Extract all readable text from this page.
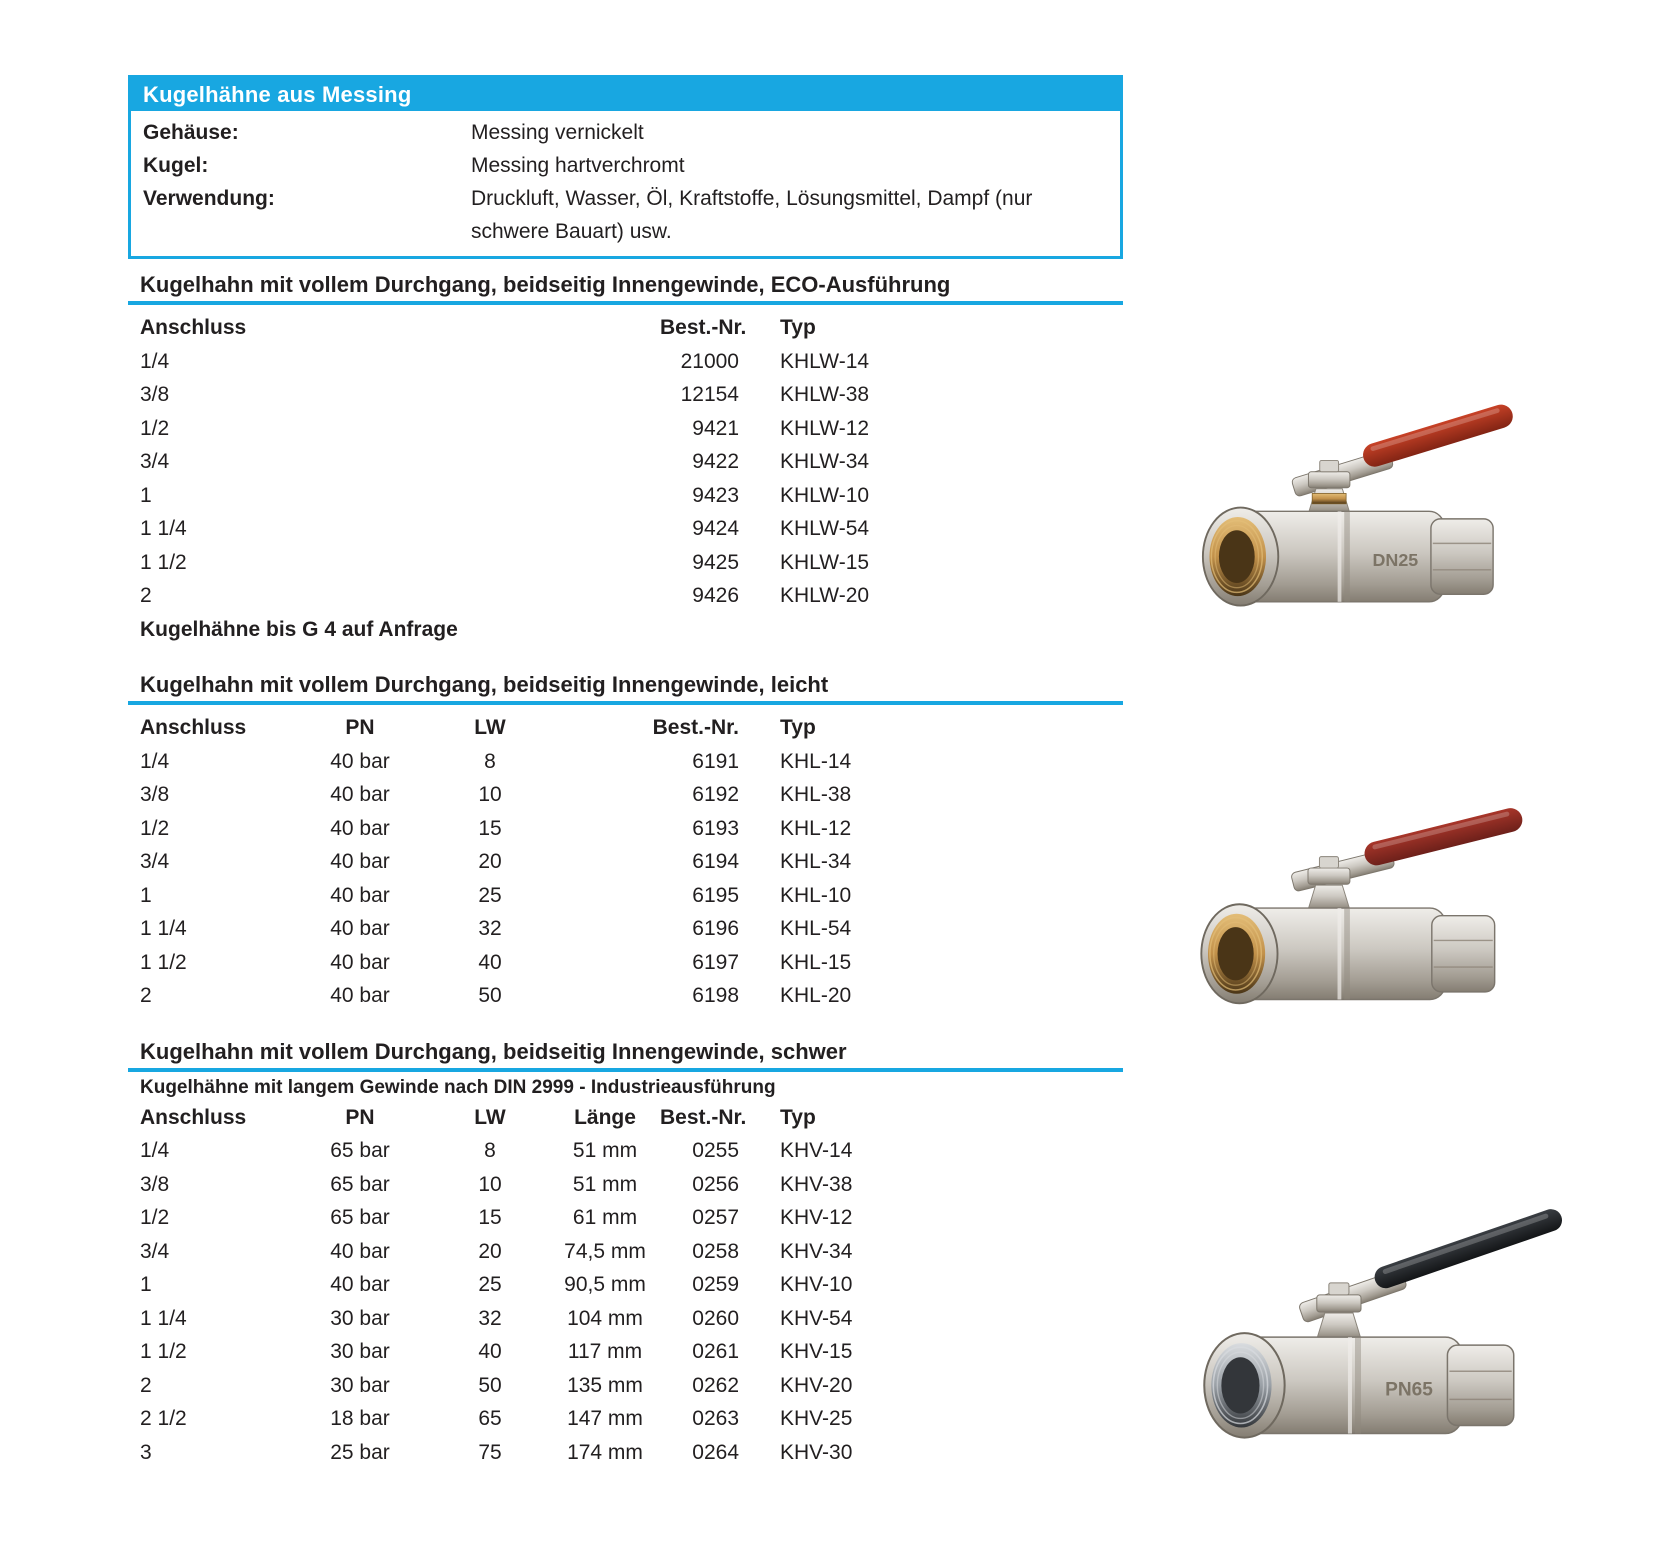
Kugelhähne aus Messing
Gehäuse:	Messing vernickelt
Kugel:	Messing hartverchromt
Verwendung:	Druckluft, Wasser, Öl, Kraftstoffe, Lösungsmittel, Dampf (nur schwere Bauart) usw.
Kugelhahn mit vollem Durchgang, beidseitig Innengewinde, ECO-Ausführung
Anschluss	Best.-Nr.	Typ
1/4	21000	KHLW-14
3/8	12154	KHLW-38
1/2	9421	KHLW-12
3/4	9422	KHLW-34
1	9423	KHLW-10
1 1/4	9424	KHLW-54
1 1/2	9425	KHLW-15
2	9426	KHLW-20
Kugelhähne bis G 4 auf Anfrage
Kugelhahn mit vollem Durchgang, beidseitig Innengewinde, leicht
Anschluss	PN	LW	Best.-Nr.	Typ
1/4	40 bar	8	6191	KHL-14
3/8	40 bar	10	6192	KHL-38
1/2	40 bar	15	6193	KHL-12
3/4	40 bar	20	6194	KHL-34
1	40 bar	25	6195	KHL-10
1 1/4	40 bar	32	6196	KHL-54
1 1/2	40 bar	40	6197	KHL-15
2	40 bar	50	6198	KHL-20
Kugelhahn mit vollem Durchgang, beidseitig Innengewinde, schwer
Kugelhähne mit langem Gewinde nach DIN 2999 - Industrieausführung
Anschluss	PN	LW	Länge	Best.-Nr.	Typ
1/4	65 bar	8	51 mm	0255	KHV-14
3/8	65 bar	10	51 mm	0256	KHV-38
1/2	65 bar	15	61 mm	0257	KHV-12
3/4	40 bar	20	74,5 mm	0258	KHV-34
1	40 bar	25	90,5 mm	0259	KHV-10
1 1/4	30 bar	32	104 mm	0260	KHV-54
1 1/2	30 bar	40	117 mm	0261	KHV-15
2	30 bar	50	135 mm	0262	KHV-20
2 1/2	18 bar	65	147 mm	0263	KHV-25
3	25 bar	75	174 mm	0264	KHV-30
DN25
PN65
